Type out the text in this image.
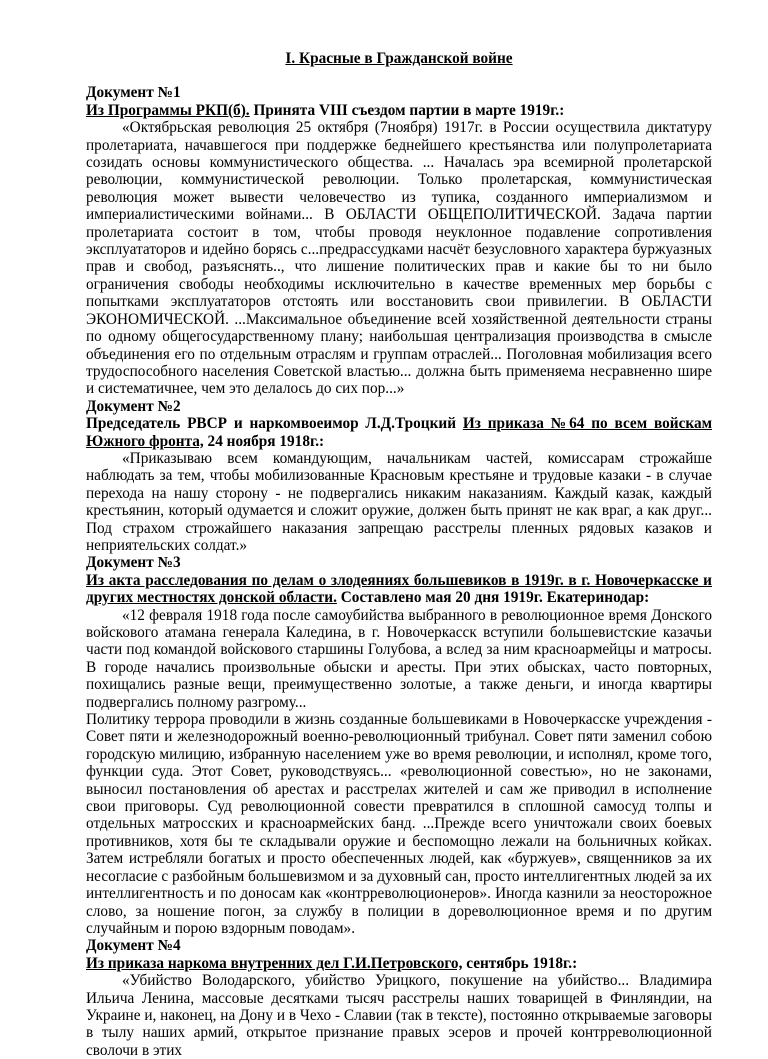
I. Красные в Гражданской войне
Документ №1
Из Программы РКП(б). Принята VIII съездом партии в марте 1919г.:

«Октябрьская революция 25 октября (7ноября) 1917г. в России осуществила диктатуру пролетариата, начавшегося при поддержке беднейшего крестьянства или полупролетариата созидать основы коммунистического общества. ... Началась эра всемирной пролетарской революции, коммунистической революции. Только пролетарская, коммунистическая революция может вывести человечество из тупика, созданного империализмом и империалистическими войнами... В ОБЛАСТИ ОБЩЕПОЛИТИЧЕСКОЙ. Задача партии пролетариата состоит в том, чтобы проводя неуклонное подавление сопротивления эксплуататоров и идейно борясь с...предрассудками насчёт безусловного характера буржуазных прав и свобод, разъяснять.., что лишение политических прав и какие бы то ни было ограничения свободы необходимы исключительно в качестве временных мер борьбы с попытками эксплуататоров отстоять или восстановить свои привилегии. В ОБЛАСТИ ЭКОНОМИЧЕСКОЙ. ...Максимальное объединение всей хозяйственной деятельности страны по одному общегосударственному плану; наибольшая централизация производства в смысле объединения его по отдельным отраслям и группам отраслей... Поголовная мобилизация всего трудоспособного населения Советской властью... должна быть применяема несравненно шире и систематичнее, чем это делалось до сих пор...»

Документ №2
Председатель РВСР и наркомвоеимор Л.Д.Троцкий Из приказа №64 по всем войскам Южного фронта, 24 ноября 1918г.:

«Приказываю всем командующим, начальникам частей, комиссарам строжайше наблюдать за тем, чтобы мобилизованные Красновым крестьяне и трудовые казаки - в случае перехода на нашу сторону - не подвергались никаким наказаниям. Каждый казак, каждый крестьянин, который одумается и сложит оружие, должен быть принят не как враг, а как друг... Под страхом строжайшего наказания запрещаю расстрелы пленных рядовых казаков и неприятельских солдат.»

Документ №3
Из акта расследования по делам о злодеяниях большевиков в 1919г. в г. Новочеркасске и других местностях донской области. Составлено мая 20 дня 1919г. Екатеринодар:

«12 февраля 1918 года после самоубийства выбранного в революционное время Донского войскового атамана генерала Каледина, в г. Новочеркасск вступили большевистские казачьи части под командой войскового старшины Голубова, а вслед за ним красноармейцы и матросы. В городе начались произвольные обыски и аресты. При этих обысках, часто повторных, похищались разные вещи, преимущественно золотые, а также деньги, и иногда квартиры подвергались полному разгрому...

Политику террора проводили в жизнь созданные большевиками в Новочеркасске учреждения - Совет пяти и железнодорожный военно-революционный трибунал. Совет пяти заменил собою городскую милицию, избранную населением уже во время революции, и исполнял, кроме того, функции суда. Этот Совет, руководствуясь... «революционной совестью», но не законами, выносил постановления об арестах и расстрелах жителей и сам же приводил в исполнение свои приговоры. Суд революционной совести превратился в сплошной самосуд толпы и отдельных матросских и красноармейских банд. ...Прежде всего уничтожали своих боевых противников, хотя бы те складывали оружие и беспомощно лежали на больничных койках. Затем истребляли богатых и просто обеспеченных людей, как «буржуев», священников за их несогласие с разбойным большевизмом и за духовный сан, просто интеллигентных людей за их интеллигентность и по доносам как «контрреволюционеров». Иногда казнили за неосторожное слово, за ношение погон, за службу в полиции в дореволюционное время и по другим случайным и порою вздорным поводам».

Документ №4
Из приказа наркома внутренних дел Г.И.Петровского, сентябрь 1918г.:

«Убийство Володарского, убийство Урицкого, покушение на убийство... Владимира Ильича Ленина, массовые десятками тысяч расстрелы наших товарищей в Финляндии, на Украине и, наконец, на Дону и в Чехо - Славии (так в тексте), постоянно открываемые заговоры в тылу наших армий, открытое признание правых эсеров и прочей контрреволюционной сволочи в этих
